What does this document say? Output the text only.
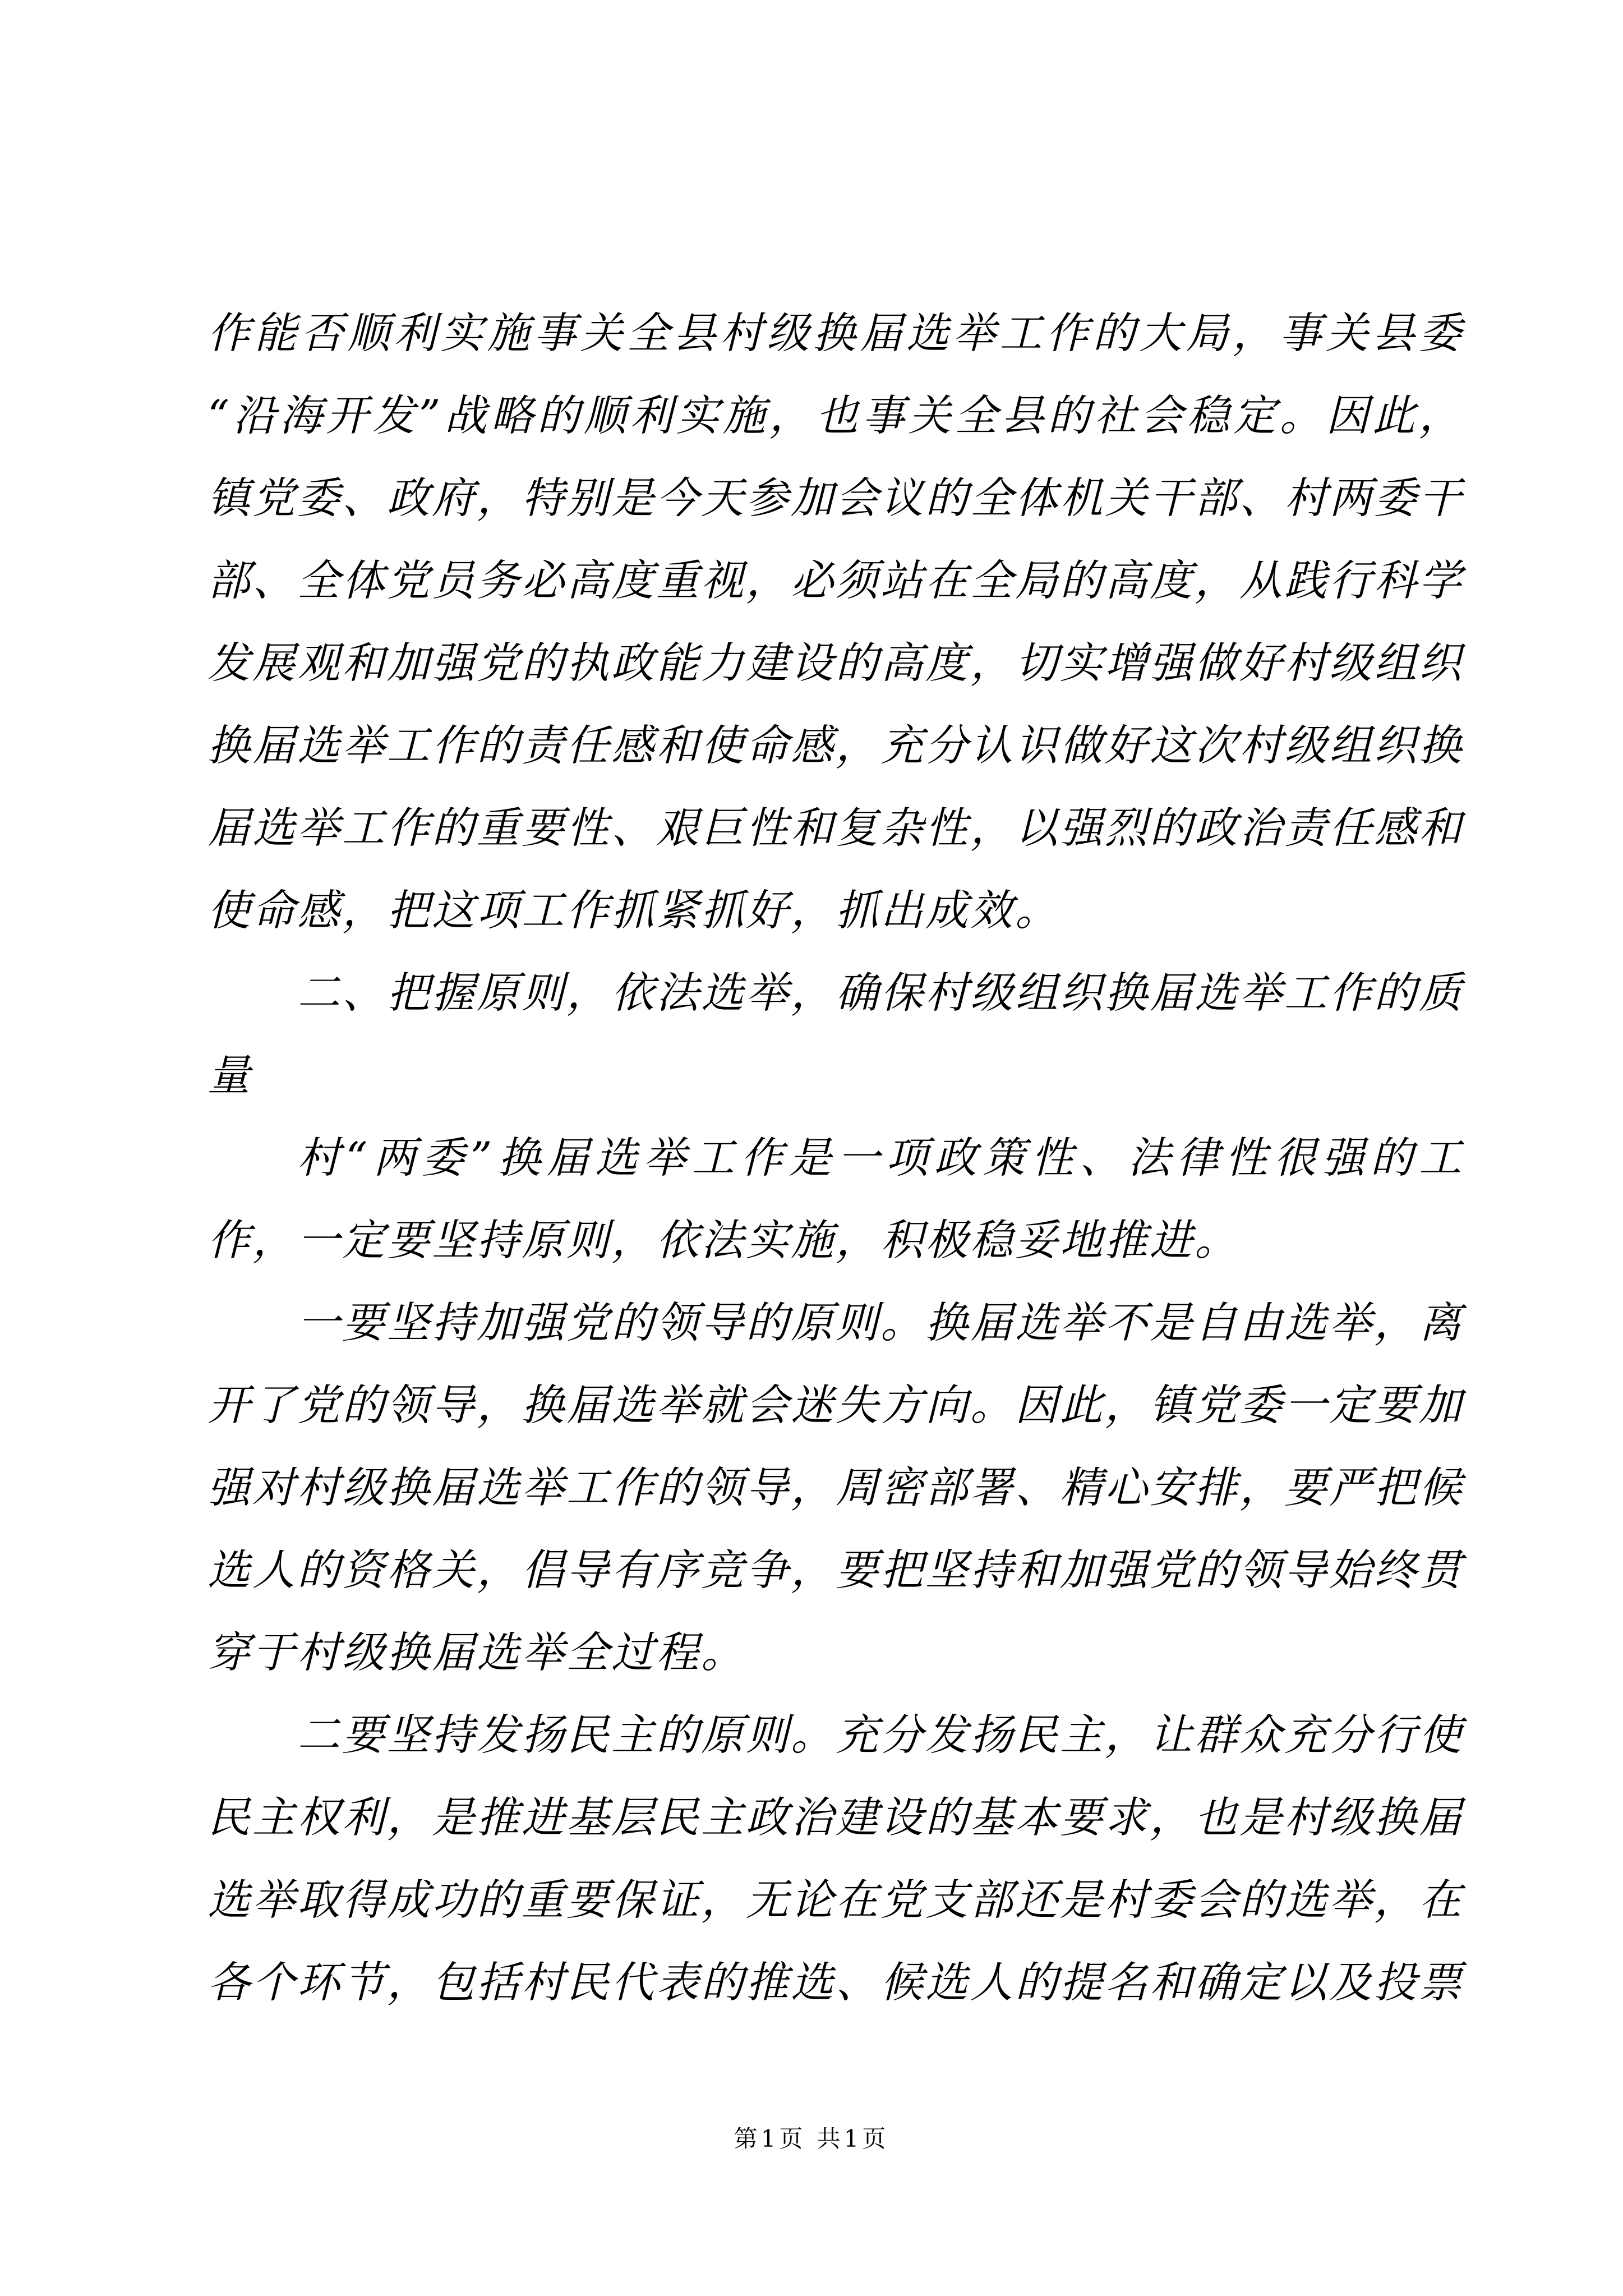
作能否顺利实施事关全县村级换届选举工作的大局，事关县委“沿海开发”战略的顺利实施，也事关全县的社会稳定。因此，镇党委、政府，特别是今天参加会议的全体机关干部、村两委干部、全体党员务必高度重视，必须站在全局的高度，从践行科学发展观和加强党的执政能力建设的高度，切实增强做好村级组织换届选举工作的责任感和使命感，充分认识做好这次村级组织换届选举工作的重要性、艰巨性和复杂性，以强烈的政治责任感和使命感，把这项工作抓紧抓好，抓出成效。

二、把握原则，依法选举，确保村级组织换届选举工作的质量

村“两委”换届选举工作是一项政策性、法律性很强的工作，一定要坚持原则，依法实施，积极稳妥地推进。

一要坚持加强党的领导的原则。换届选举不是自由选举，离开了党的领导，换届选举就会迷失方向。因此，镇党委一定要加强对村级换届选举工作的领导，周密部署、精心安排，要严把候选人的资格关，倡导有序竞争，要把坚持和加强党的领导始终贯穿于村级换届选举全过程。

二要坚持发扬民主的原则。充分发扬民主，让群众充分行使民主权利，是推进基层民主政治建设的基本要求，也是村级换届选举取得成功的重要保证，无论在党支部还是村委会的选举，在各个环节，包括村民代表的推选、候选人的提名和确定以及投票

第1页 共1页
